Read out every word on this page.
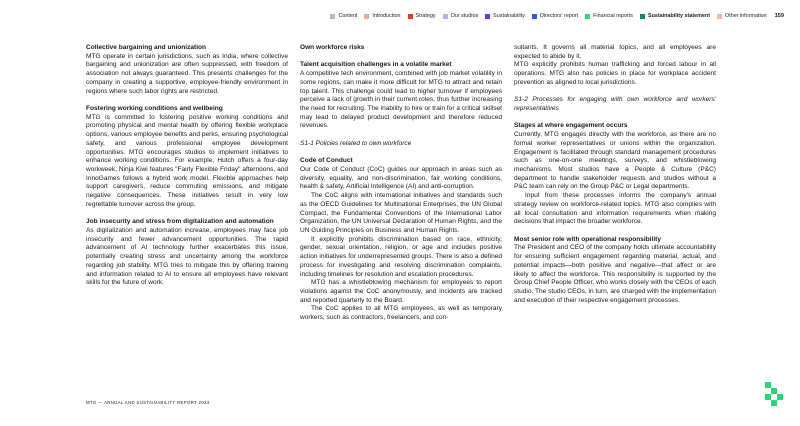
Content	Introduction	Strategy	Our studios	Sustainability	Directors' report	Financial reports	Sustainability statement	Other information 159

Collective bargaining and unionization

MTG operate in certain jurisdictions, such as India, where collective bargaining and unionization are often suppressed, with freedom of association not always guaranteed. This presents challenges for the company in creating a supportive, employee-friendly environment in regions where such labor rights are restricted.

Fostering working conditions and wellbeing

MTG is committed to fostering positive working conditions and promoting physical and mental health by offering flexible workplace options, various employee benefits and perks, ensuring psychological safety, and various professional employee development opportunities. MTG encourages studios to implement initiatives to enhance working conditions. For example, Hutch offers a four-day workweek, Ninja Kiwi features "Fairly Flexible Friday" afternoons, and InnoGames follows a hybrid work model. Flexible approaches help support caregivers, reduce commuting emissions, and mitigate negative consequences. These initiatives result in very low regrettable turnover across the group.

Job insecurity and stress from digitalization and automation

As digitalization and automation increase, employees may face job insecurity and fewer advancement opportunities. The rapid advancement of AI technology further exacerbates this issue, potentially creating stress and uncertainty among the workforce regarding job stability. MTG tries to mitigate this by offering training and information related to AI to ensure all employees have relevant skills for the future of work.

Own workforce risks

Talent acquisition challenges in a volatile market

A competitive tech environment, combined with job market volatility in some regions, can make it more difficult for MTG to attract and retain top talent. This challenge could lead to higher turnover if employees perceive a lack of growth in their current roles, thus further increasing the need for recruiting. The inability to hire or train for a critical skillset may lead to delayed product development and therefore reduced revenues.

S1-1 Policies related to own workforce

Code of Conduct

Our Code of Conduct (CoC) guides our approach in areas such as diversity, equality, and non-discrimination, fair working conditions, health & safety, Artificial Intelligence (AI) and anti-corruption.

The CoC aligns with international initiatives and standards such as the OECD Guidelines for Multinational Enterprises, the UN Global Compact, the Fundamental Conventions of the International Labor Organization, the UN Universal Declaration of Human Rights, and the UN Guiding Principles on Business and Human Rights.

It explicitly prohibits discrimination based on race, ethnicity, gender, sexual orientation, religion, or age and includes positive action initiatives for underrepresented groups. There is also a defined process for investigating and resolving discrimination complaints, including timelines for resolution and escalation procedures.

MTG has a whistleblowing mechanism for employees to report violations against the CoC anonymously, and incidents are tracked and reported quarterly to the Board.

The CoC applies to all MTG employees, as well as temporary workers, such as contractors, freelancers, and con-

sultants. It governs all material topics, and all employees are expected to abide by it.

MTG explicitly prohibits human trafficking and forced labour in all operations. MTG also has policies in place for workplace accident prevention as aligned to local jurisdictions.

S1-2 Processes for engaging with own workforce and workers' representatives

Stages at where engagement occurs

Currently, MTG engages directly with the workforce, as there are no formal worker representatives or unions within the organization. Engagement is facilitated through standard management procedures such as one-on-one meetings, surveys, and whistleblowing mechanisms. Most studios have a People & Culture (P&C) department to handle stakeholder requests and studios without a P&C team can rely on the Group P&C or Legal departments.

Input from these processes informs the company's annual strategy review on workforce-related topics. MTG also complies with all local consultation and information requirements when making decisions that impact the broader workforce.

Most senior role with operational responsibility

The President and CEO of the company holds ultimate accountability for ensuring sufficient engagement regarding material, actual, and potential impacts—both positive and negative—that affect or are likely to affect the workforce. This responsibility is supported by the Group Chief People Officer, who works closely with the CEOs of each studio. The studio CEOs, in turn, are charged with the implementation and execution of their respective engagement processes.

MTG — ANNUAL AND SUSTAINABILITY REPORT 2024
